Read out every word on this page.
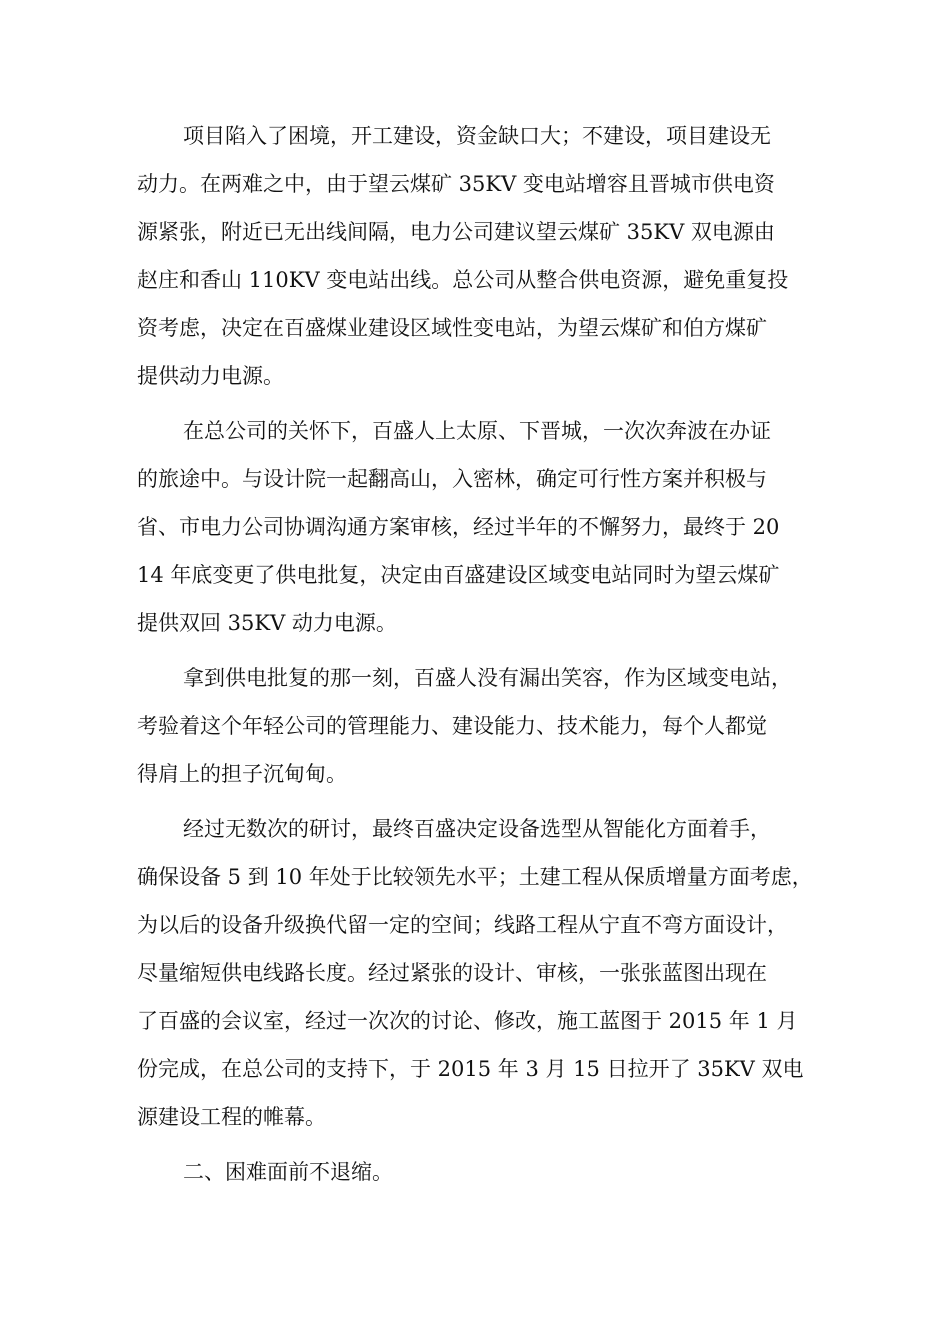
项目陷入了困境，开工建设，资金缺口大；不建设，项目建设无
动力。在两难之中，由于望云煤矿 35KV 变电站增容且晋城市供电资
源紧张，附近已无出线间隔，电力公司建议望云煤矿 35KV 双电源由
赵庄和香山 110KV 变电站出线。总公司从整合供电资源，避免重复投
资考虑，决定在百盛煤业建设区域性变电站，为望云煤矿和伯方煤矿
提供动力电源。
在总公司的关怀下，百盛人上太原、下晋城，一次次奔波在办证
的旅途中。与设计院一起翻高山，入密林，确定可行性方案并积极与
省、市电力公司协调沟通方案审核，经过半年的不懈努力，最终于 20
14 年底变更了供电批复，决定由百盛建设区域变电站同时为望云煤矿
提供双回 35KV 动力电源。
拿到供电批复的那一刻，百盛人没有漏出笑容，作为区域变电站，
考验着这个年轻公司的管理能力、建设能力、技术能力，每个人都觉
得肩上的担子沉甸甸。
经过无数次的研讨，最终百盛决定设备选型从智能化方面着手，
确保设备 5 到 10 年处于比较领先水平；土建工程从保质增量方面考虑，
为以后的设备升级换代留一定的空间；线路工程从宁直不弯方面设计，
尽量缩短供电线路长度。经过紧张的设计、审核，一张张蓝图出现在
了百盛的会议室，经过一次次的讨论、修改，施工蓝图于 2015 年 1 月
份完成，在总公司的支持下，于 2015 年 3 月 15 日拉开了 35KV 双电
源建设工程的帷幕。
二、困难面前不退缩。
